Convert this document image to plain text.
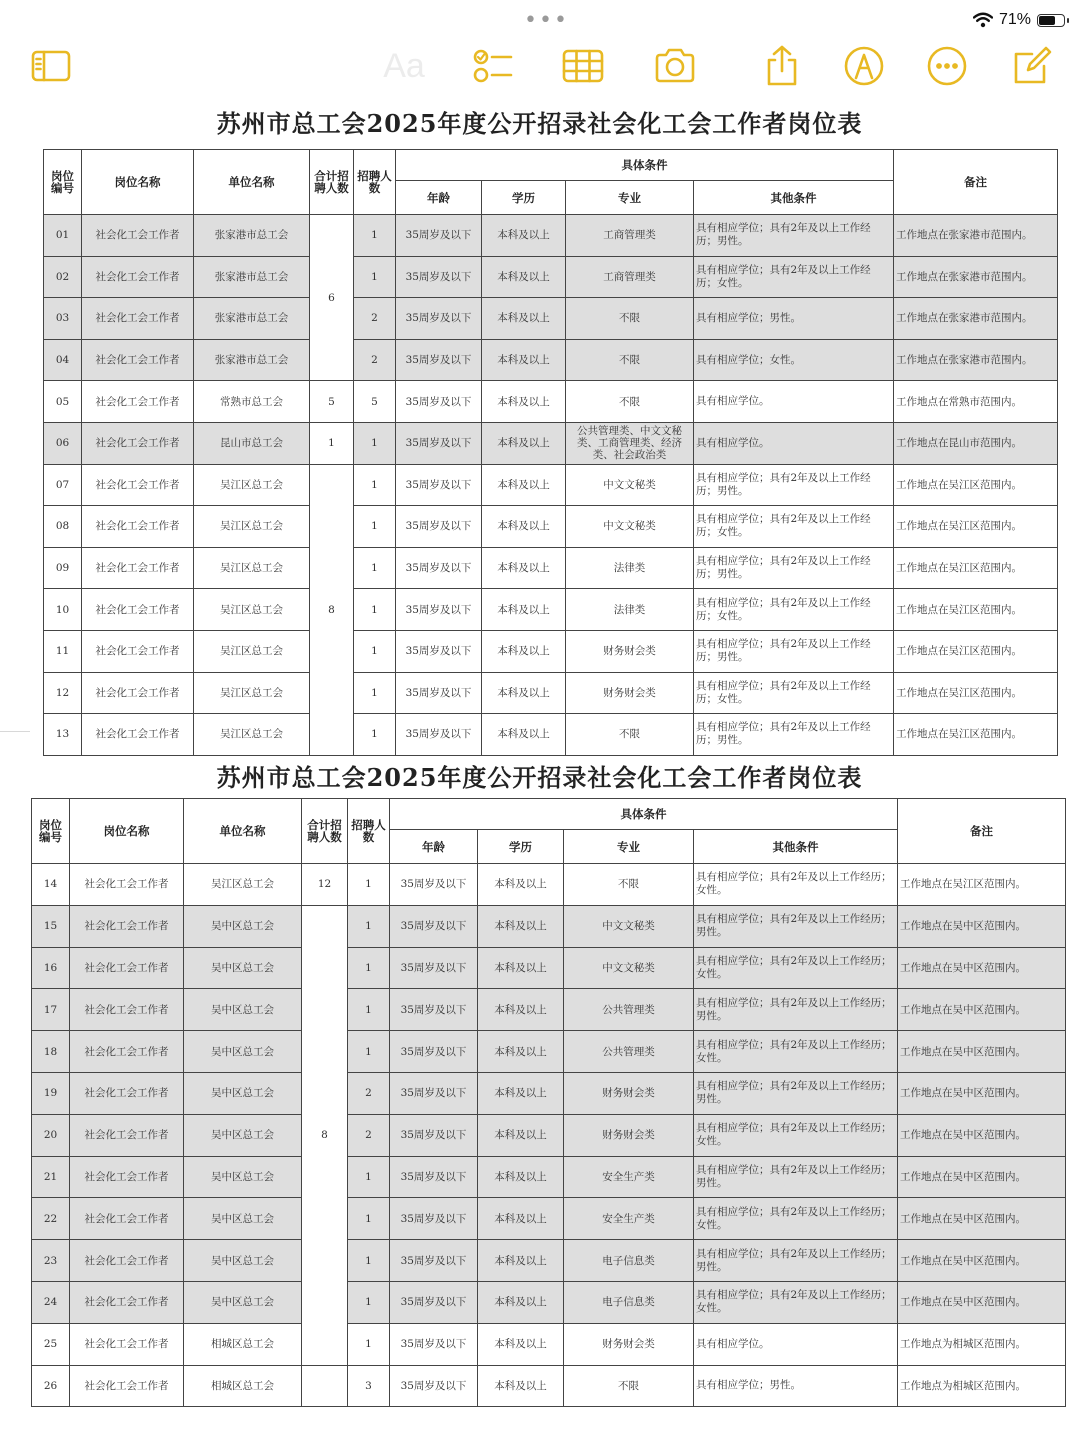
•••	71%
Aa
苏州市总工会2025年度公开招录社会化工会工作者岗位表
岗位编号	岗位名称	单位名称	合计招聘人数	招聘人数	具体条件				备注
					年龄	学历	专业	其他条件	
01	社会化工会工作者	张家港市总工会	6	1	35周岁及以下	本科及以上	工商管理类	具有相应学位；具有2年及以上工作经历；男性。	工作地点在张家港市范围内。
02	社会化工会工作者	张家港市总工会		1	35周岁及以下	本科及以上	工商管理类	具有相应学位；具有2年及以上工作经历；女性。	工作地点在张家港市范围内。
03	社会化工会工作者	张家港市总工会		2	35周岁及以下	本科及以上	不限	具有相应学位；男性。	工作地点在张家港市范围内。
04	社会化工会工作者	张家港市总工会		2	35周岁及以下	本科及以上	不限	具有相应学位；女性。	工作地点在张家港市范围内。
05	社会化工会工作者	常熟市总工会	5	5	35周岁及以下	本科及以上	不限	具有相应学位。	工作地点在常熟市范围内。
06	社会化工会工作者	昆山市总工会	1	1	35周岁及以下	本科及以上	公共管理类、中文文秘类、工商管理类、经济类、社会政治类	具有相应学位。	工作地点在昆山市范围内。
07	社会化工会工作者	吴江区总工会	8	1	35周岁及以下	本科及以上	中文文秘类	具有相应学位；具有2年及以上工作经历；男性。	工作地点在吴江区范围内。
08	社会化工会工作者	吴江区总工会		1	35周岁及以下	本科及以上	中文文秘类	具有相应学位；具有2年及以上工作经历；女性。	工作地点在吴江区范围内。
09	社会化工会工作者	吴江区总工会		1	35周岁及以下	本科及以上	法律类	具有相应学位；具有2年及以上工作经历；男性。	工作地点在吴江区范围内。
10	社会化工会工作者	吴江区总工会		1	35周岁及以下	本科及以上	法律类	具有相应学位；具有2年及以上工作经历；女性。	工作地点在吴江区范围内。
11	社会化工会工作者	吴江区总工会		1	35周岁及以下	本科及以上	财务财会类	具有相应学位；具有2年及以上工作经历；男性。	工作地点在吴江区范围内。
12	社会化工会工作者	吴江区总工会		1	35周岁及以下	本科及以上	财务财会类	具有相应学位；具有2年及以上工作经历；女性。	工作地点在吴江区范围内。
13	社会化工会工作者	吴江区总工会		1	35周岁及以下	本科及以上	不限	具有相应学位；具有2年及以上工作经历；男性。	工作地点在吴江区范围内。
苏州市总工会2025年度公开招录社会化工会工作者岗位表
岗位编号	岗位名称	单位名称	合计招聘人数	招聘人数	具体条件				备注
					年龄	学历	专业	其他条件	
14	社会化工会工作者	吴江区总工会	12	1	35周岁及以下	本科及以上	不限	具有相应学位；具有2年及以上工作经历；女性。	工作地点在吴江区范围内。
15	社会化工会工作者	吴中区总工会	8	1	35周岁及以下	本科及以上	中文文秘类	具有相应学位；具有2年及以上工作经历；男性。	工作地点在吴中区范围内。
16	社会化工会工作者	吴中区总工会		1	35周岁及以下	本科及以上	中文文秘类	具有相应学位；具有2年及以上工作经历；女性。	工作地点在吴中区范围内。
17	社会化工会工作者	吴中区总工会		1	35周岁及以下	本科及以上	公共管理类	具有相应学位；具有2年及以上工作经历；男性。	工作地点在吴中区范围内。
18	社会化工会工作者	吴中区总工会		1	35周岁及以下	本科及以上	公共管理类	具有相应学位；具有2年及以上工作经历；女性。	工作地点在吴中区范围内。
19	社会化工会工作者	吴中区总工会		2	35周岁及以下	本科及以上	财务财会类	具有相应学位；具有2年及以上工作经历；男性。	工作地点在吴中区范围内。
20	社会化工会工作者	吴中区总工会		2	35周岁及以下	本科及以上	财务财会类	具有相应学位；具有2年及以上工作经历；女性。	工作地点在吴中区范围内。
21	社会化工会工作者	吴中区总工会		1	35周岁及以下	本科及以上	安全生产类	具有相应学位；具有2年及以上工作经历；男性。	工作地点在吴中区范围内。
22	社会化工会工作者	吴中区总工会		1	35周岁及以下	本科及以上	安全生产类	具有相应学位；具有2年及以上工作经历；女性。	工作地点在吴中区范围内。
23	社会化工会工作者	吴中区总工会		1	35周岁及以下	本科及以上	电子信息类	具有相应学位；具有2年及以上工作经历；男性。	工作地点在吴中区范围内。
24	社会化工会工作者	吴中区总工会		1	35周岁及以下	本科及以上	电子信息类	具有相应学位；具有2年及以上工作经历；女性。	工作地点在吴中区范围内。
25	社会化工会工作者	相城区总工会		1	35周岁及以下	本科及以上	财务财会类	具有相应学位。	工作地点为相城区范围内。
26	社会化工会工作者	相城区总工会		3	35周岁及以下	本科及以上	不限	具有相应学位；男性。	工作地点为相城区范围内。
